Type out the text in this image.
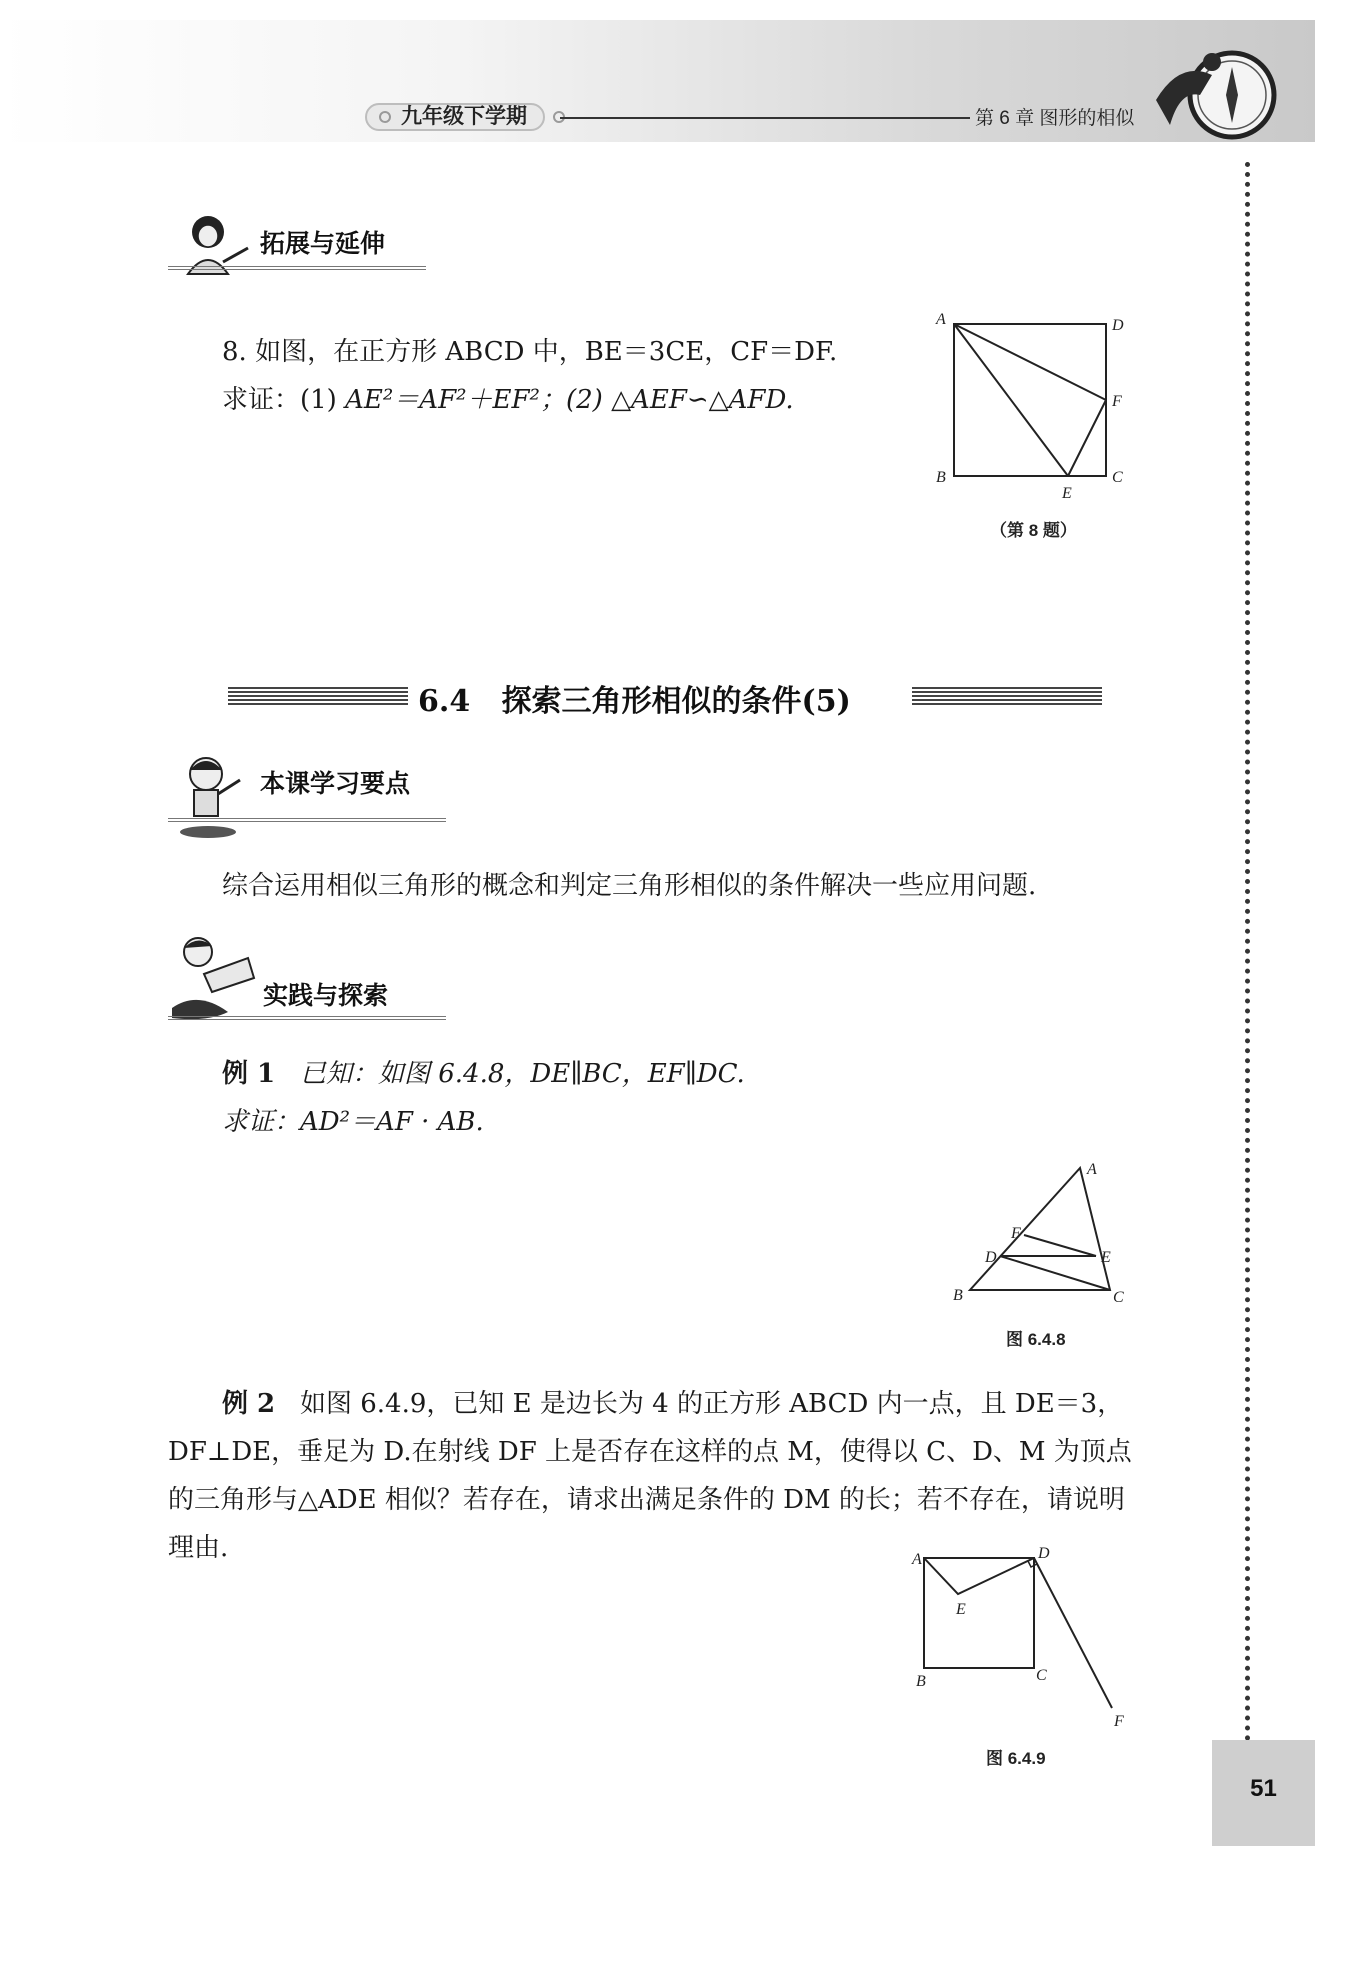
九年级下学期	第 6 章 图形的相似
51
拓展与延伸
8. 如图，在正方形 ABCD 中，BE＝3CE，CF＝DF.
求证：(1) AE²＝AF²＋EF²；(2) △AEF∽△AFD.
A	D
F
B	C
E
（第 8 题）
6.4 探索三角形相似的条件(5)
本课学习要点
综合运用相似三角形的概念和判定三角形相似的条件解决一些应用问题.
实践与探索
例 1 已知：如图 6.4.8，DE∥BC，EF∥DC.
求证：AD²＝AF · AB.
A
F
D	E
B	C
图 6.4.8
例 2 如图 6.4.9，已知 E 是边长为 4 的正方形 ABCD 内一点，且 DE＝3，
DF⊥DE，垂足为 D.在射线 DF 上是否存在这样的点 M，使得以 C、D、M 为顶点
的三角形与△ADE 相似？若存在，请求出满足条件的 DM 的长；若不存在，请说明
理由.	A	D
E
B	C
F
图 6.4.9
